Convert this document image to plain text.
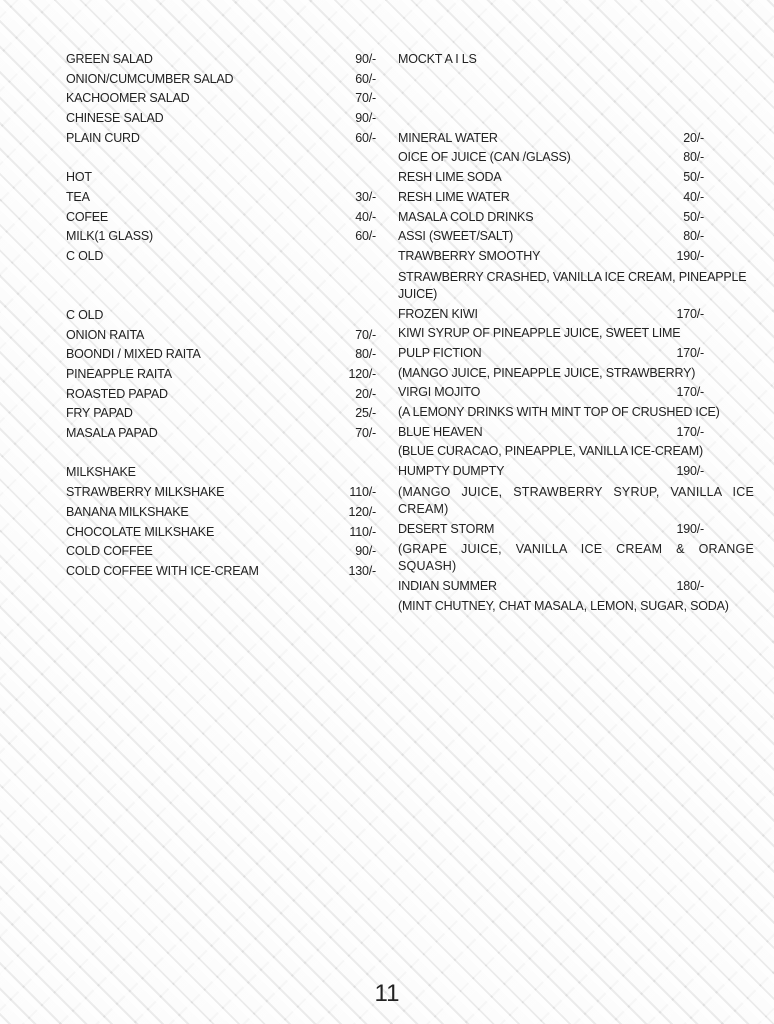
GREEN SALAD	90/-
ONION/CUMCUMBER SALAD	60/-
KACHOOMER SALAD	70/-
CHINESE SALAD	90/-
PLAIN CURD	60/-
HOT
TEA	30/-
COFEE	40/-
MILK(1 GLASS)	60/-
C OLD
C OLD
ONION RAITA	70/-
BOONDI / MIXED RAITA	80/-
PINEAPPLE RAITA	120/-
ROASTED PAPAD	20/-
FRY PAPAD	25/-
MASALA PAPAD	70/-
MILKSHAKE
STRAWBERRY MILKSHAKE	110/-
BANANA MILKSHAKE	120/-
CHOCOLATE MILKSHAKE	110/-
COLD COFFEE	90/-
COLD COFFEE WITH ICE-CREAM	130/-
MOCKT A I LS
MINERAL WATER	20/-
OICE OF JUICE (CAN /GLASS)	80/-
RESH LIME SODA	50/-
RESH LIME WATER	40/-
MASALA COLD DRINKS	50/-
ASSI (SWEET/SALT)	80/-
TRAWBERRY SMOOTHY	190/-
STRAWBERRY CRASHED, VANILLA ICE CREAM, PINEAPPLE JUICE)
FROZEN KIWI	170/-
KIWI SYRUP OF PINEAPPLE JUICE, SWEET LIME
PULP FICTION	170/-
(MANGO JUICE, PINEAPPLE JUICE, STRAWBERRY)
VIRGI MOJITO	170/-
(A LEMONY DRINKS WITH MINT TOP OF CRUSHED ICE)
BLUE HEAVEN	170/-
(BLUE CURACAO, PINEAPPLE, VANILLA ICE-CREAM)
HUMPTY DUMPTY	190/-
(MANGO JUICE, STRAWBERRY SYRUP, VANILLA ICE CREAM)
DESERT STORM	190/-
(GRAPE JUICE, VANILLA ICE CREAM & ORANGE SQUASH)
INDIAN SUMMER	180/-
(MINT CHUTNEY, CHAT MASALA, LEMON, SUGAR, SODA)
11
